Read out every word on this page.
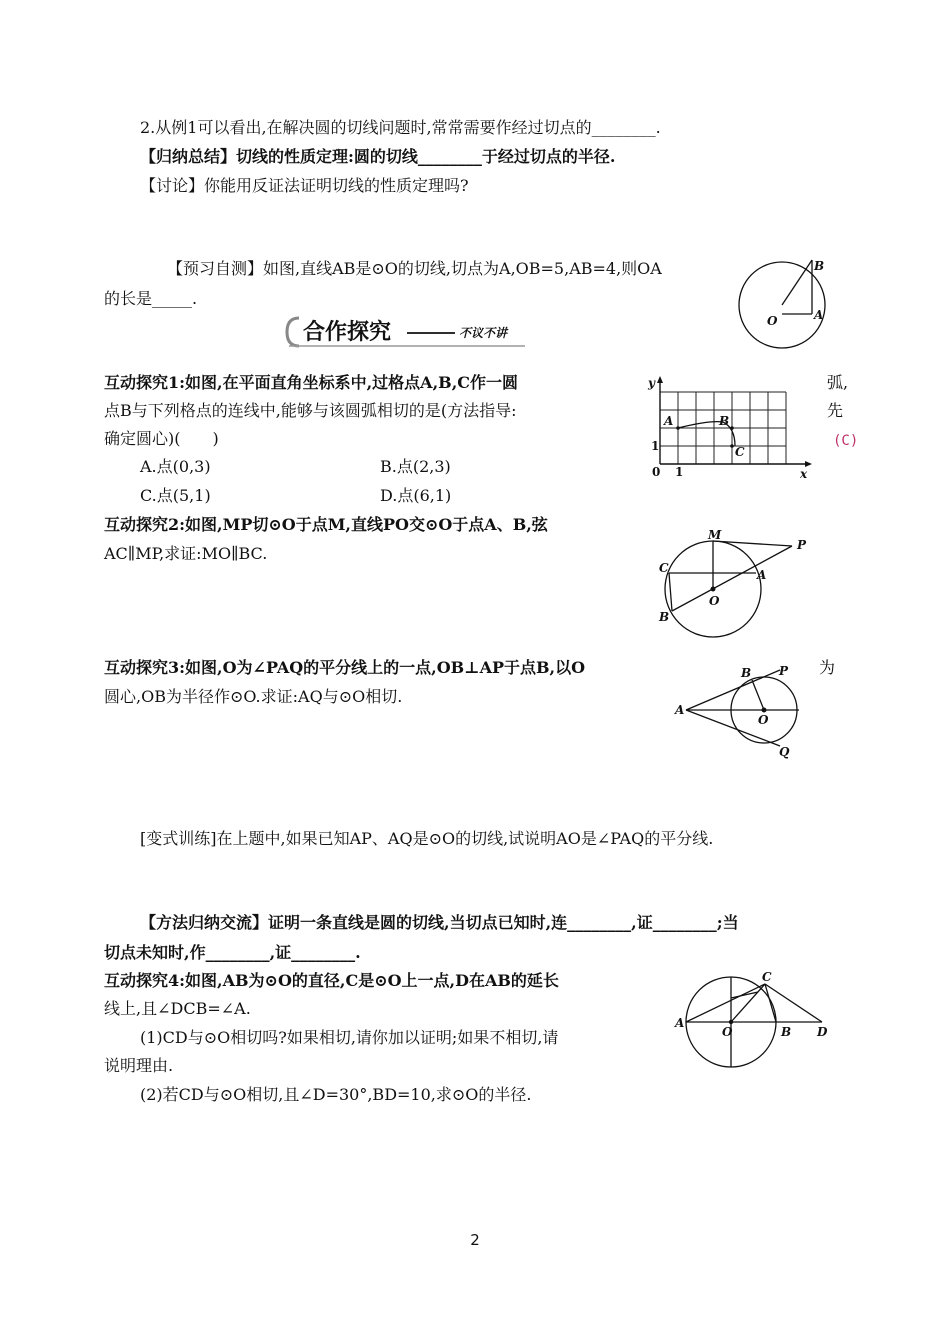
2.从例1可以看出,在解决圆的切线问题时,常常需要作经过切点的________.
【归纳总结】切线的性质定理:圆的切线________于经过切点的半径.
【讨论】你能用反证法证明切线的性质定理吗?
【预习自测】如图,直线AB是⊙O的切线,切点为A,OB=5,AB=4,则OA
的长是_____.
B
O	A
合作探究	不议不讲
互动探究1:如图,在平面直角坐标系中,过格点A,B,C作一圆	弧,
点B与下列格点的连线中,能够与该圆弧相切的是(方法指导:	先
确定圆心)(　　)	(C)
A.点(0,3)	B.点(2,3)
C.点(5,1)	D.点(6,1)
y
x
0 1
1
A	B
C
互动探究2:如图,MP切⊙O于点M,直线PO交⊙O于点A、B,弦
AC∥MP,求证:MO∥BC.
M
P
C	A
O
B
互动探究3:如图,O为∠PAQ的平分线上的一点,OB⊥AP于点B,以O	为
圆心,OB为半径作⊙O.求证:AQ与⊙O相切.
B P
A
O
Q
[变式训练]在上题中,如果已知AP、AQ是⊙O的切线,试说明AO是∠PAQ的平分线.
【方法归纳交流】证明一条直线是圆的切线,当切点已知时,连________,证________;当
切点未知时,作________,证________.
互动探究4:如图,AB为⊙O的直径,C是⊙O上一点,D在AB的延长
线上,且∠DCB=∠A.
(1)CD与⊙O相切吗?如果相切,请你加以证明;如果不相切,请
说明理由.
(2)若CD与⊙O相切,且∠D=30°,BD=10,求⊙O的半径.
C
A
O	B D
2
